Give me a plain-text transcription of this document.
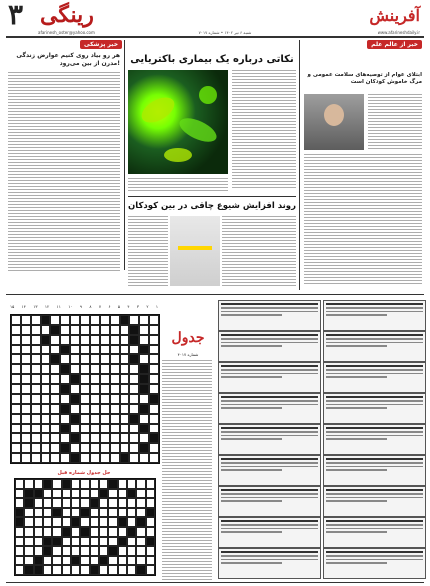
۳ رینگی
afarinesh_oster@yahoo.com	شنبه ۶ تیر ۱۴۰۲ • شماره ۷۰۱۷
آفرینش
www.afarineshdaily.ir
خبر پزشکی
هر رو بیاد روی کنیم عوارض زندگی مدرن از بین می‌رود! نکاتی درباره یک بیماری باکتریایی
روند افزایش شیوع چاقی در بین کودکان
خبر از عالم علم
ابتلای عوام از توصیه‌های سلامت عمومی و مرگ خاموش کودکان است
۱
۲
۳
۴
۵
۶
۷
۸
۹
۱۰
۱۱
۱۲
۱۳
۱۴
۱۵
جدول
شماره ۴۰۱۷
حل جدول شماره قبل
